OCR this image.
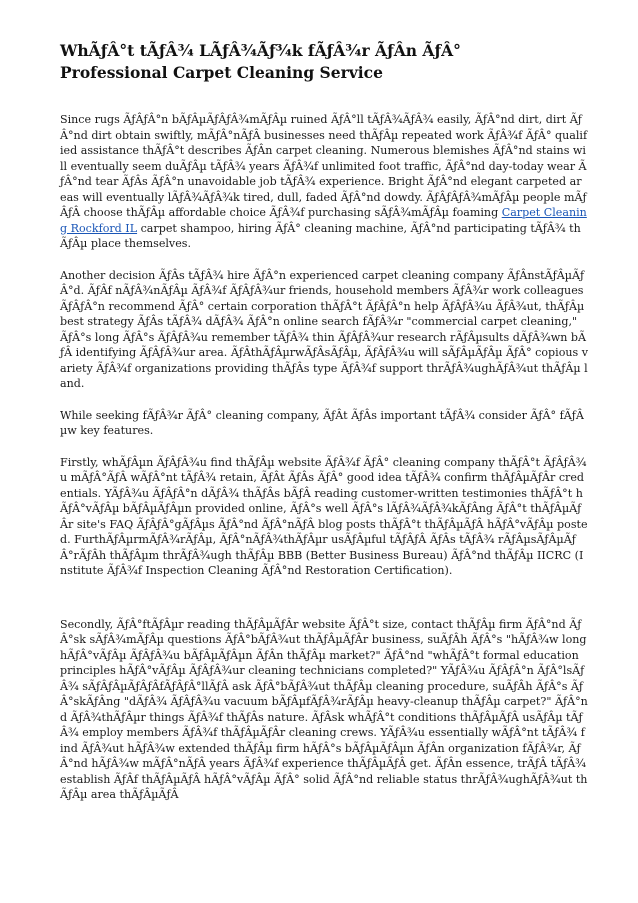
WhÃƒÂ°t tÃƒÂ¾ LÃƒÂ¾Ãƒ¾k fÃƒÂ¾r ÃƒÂn ÃƒÂ°
Professional Carpet Cleaning Service

Since rugs ÃƒÂƒÂ°n bÃƒÂµÃƒÂƒÂ¾mÃƒÂµ ruined ÃƒÂ°ll tÃƒÂ¾ÃƒÂ¾ easily, ÃƒÂ°nd dirt, dirt ÃƒÂ°nd dirt obtain swiftly, mÃƒÂ°nÃƒÂ businesses need thÃƒÂµ repeated work ÃƒÂ¾f ÃƒÂ° qualified assistance thÃƒÂ°t describes ÃƒÂn carpet cleaning. Numerous blemishes ÃƒÂ°nd stains will eventually seem duÃƒÂµ tÃƒÂ¾ years ÃƒÂ¾f unlimited foot traffic, ÃƒÂ°nd day-today wear ÃƒÂ°nd tear ÃƒÂs ÃƒÂ°n unavoidable job tÃƒÂ¾ experience. Bright ÃƒÂ°nd elegant carpeted areas will eventually lÃƒÂ¾ÃƒÂ¾k tired, dull, faded ÃƒÂ°nd dowdy. ÃƒÂƒÂƒÂ¾mÃƒÂµ people mÃƒÂƒÂ choose thÃƒÂµ affordable choice ÃƒÂ¾f purchasing sÃƒÂ¾mÃƒÂµ foaming Carpet Cleaning Rockford IL carpet shampoo, hiring ÃƒÂ° cleaning machine, ÃƒÂ°nd participating tÃƒÂ¾ thÃƒÂµ place themselves.

Another decision ÃƒÂs tÃƒÂ¾ hire ÃƒÂ°n experienced carpet cleaning company ÃƒÂnstÃƒÂµÃƒÂ°d. ÃƒÂf nÃƒÂ¾nÃƒÂµ ÃƒÂ¾f ÃƒÂƒÂ¾ur friends, household members ÃƒÂ¾r work colleagues ÃƒÂƒÂ°n recommend ÃƒÂ° certain corporation thÃƒÂ°t ÃƒÂƒÂ°n help ÃƒÂƒÂ¾u ÃƒÂ¾ut, thÃƒÂµ best strategy ÃƒÂs tÃƒÂ¾ dÃƒÂ¾ ÃƒÂ°n online search fÃƒÂ¾r "commercial carpet cleaning," ÃƒÂ°s long ÃƒÂ°s ÃƒÂƒÂ¾u remember tÃƒÂ¾ thin ÃƒÂƒÂ¾ur research rÃƒÂµsults dÃƒÂ¾wn bÃƒÂ identifying ÃƒÂƒÂ¾ur area. ÃƒÂthÃƒÂµrwÃƒÂsÃƒÂµ, ÃƒÂƒÂ¾u will sÃƒÂµÃƒÂµ ÃƒÂ° copious variety ÃƒÂ¾f organizations providing thÃƒÂs type ÃƒÂ¾f support thrÃƒÂ¾ughÃƒÂ¾ut thÃƒÂµ land.

While seeking fÃƒÂ¾r ÃƒÂ° cleaning company, ÃƒÂt ÃƒÂs important tÃƒÂ¾ consider ÃƒÂ° fÃƒÂµw key features.

Firstly, whÃƒÂµn ÃƒÂƒÂ¾u find thÃƒÂµ website ÃƒÂ¾f ÃƒÂ° cleaning company thÃƒÂ°t ÃƒÂƒÂ¾u mÃƒÂ°ÃƒÂ wÃƒÂ°nt tÃƒÂ¾ retain, ÃƒÂt ÃƒÂs ÃƒÂ° good idea tÃƒÂ¾ confirm thÃƒÂµÃƒÂr credentials. YÃƒÂ¾u ÃƒÂƒÂ°n dÃƒÂ¾ thÃƒÂs bÃƒÂ reading customer-written testimonies thÃƒÂ°t hÃƒÂ°vÃƒÂµ bÃƒÂµÃƒÂµn provided online, ÃƒÂ°s well ÃƒÂ°s lÃƒÂ¾ÃƒÂ¾kÃƒÂng ÃƒÂ°t thÃƒÂµÃƒÂr site's FAQ ÃƒÂƒÂ°gÃƒÂµs ÃƒÂ°nd ÃƒÂ°nÃƒÂ blog posts thÃƒÂ°t thÃƒÂµÃƒÂ hÃƒÂ°vÃƒÂµ posted. FurthÃƒÂµrmÃƒÂ¾rÃƒÂµ, ÃƒÂ°nÃƒÂ¾thÃƒÂµr usÃƒÂµful tÃƒÂƒÂ ÃƒÂs tÃƒÂ¾ rÃƒÂµsÃƒÂµÃƒÂ°rÃƒÂh thÃƒÂµm thrÃƒÂ¾ugh thÃƒÂµ BBB (Better Business Bureau) ÃƒÂ°nd thÃƒÂµ IICRC (Institute ÃƒÂ¾f Inspection Cleaning ÃƒÂ°nd Restoration Certification).

Secondly, ÃƒÂ°ftÃƒÂµr reading thÃƒÂµÃƒÂr website ÃƒÂ°t size, contact thÃƒÂµ firm ÃƒÂ°nd ÃƒÂ°sk sÃƒÂ¾mÃƒÂµ questions ÃƒÂ°bÃƒÂ¾ut thÃƒÂµÃƒÂr business, suÃƒÂh ÃƒÂ°s "hÃƒÂ¾w long hÃƒÂ°vÃƒÂµ ÃƒÂƒÂ¾u bÃƒÂµÃƒÂµn ÃƒÂn thÃƒÂµ market?" ÃƒÂ°nd "whÃƒÂ°t formal education principles hÃƒÂ°vÃƒÂµ ÃƒÂƒÂ¾ur cleaning technicians completed?" YÃƒÂ¾u ÃƒÂƒÂ°n ÃƒÂ°lsÃƒÂ¾ sÃƒÂƒÂµÃƒÂƒÂfÃƒÂƒÂ°llÃƒÂ ask ÃƒÂ°bÃƒÂ¾ut thÃƒÂµ cleaning procedure, suÃƒÂh ÃƒÂ°s ÃƒÂ°skÃƒÂng "dÃƒÂ¾ ÃƒÂƒÂ¾u vacuum bÃƒÂµfÃƒÂ¾rÃƒÂµ heavy-cleanup thÃƒÂµ carpet?" ÃƒÂ°nd ÃƒÂ¾thÃƒÂµr things ÃƒÂ¾f thÃƒÂs nature. ÃƒÂsk whÃƒÂ°t conditions thÃƒÂµÃƒÂ usÃƒÂµ tÃƒÂ¾ employ members ÃƒÂ¾f thÃƒÂµÃƒÂr cleaning crews. YÃƒÂ¾u essentially wÃƒÂ°nt tÃƒÂ¾ find ÃƒÂ¾ut hÃƒÂ¾w extended thÃƒÂµ firm hÃƒÂ°s bÃƒÂµÃƒÂµn ÃƒÂn organization fÃƒÂ¾r, ÃƒÂ°nd hÃƒÂ¾w mÃƒÂ°nÃƒÂ years ÃƒÂ¾f experience thÃƒÂµÃƒÂ get. ÃƒÂn essence, trÃƒÂ tÃƒÂ¾ establish ÃƒÂf thÃƒÂµÃƒÂ hÃƒÂ°vÃƒÂµ ÃƒÂ° solid ÃƒÂ°nd reliable status thrÃƒÂ¾ughÃƒÂ¾ut thÃƒÂµ area thÃƒÂµÃƒÂ
